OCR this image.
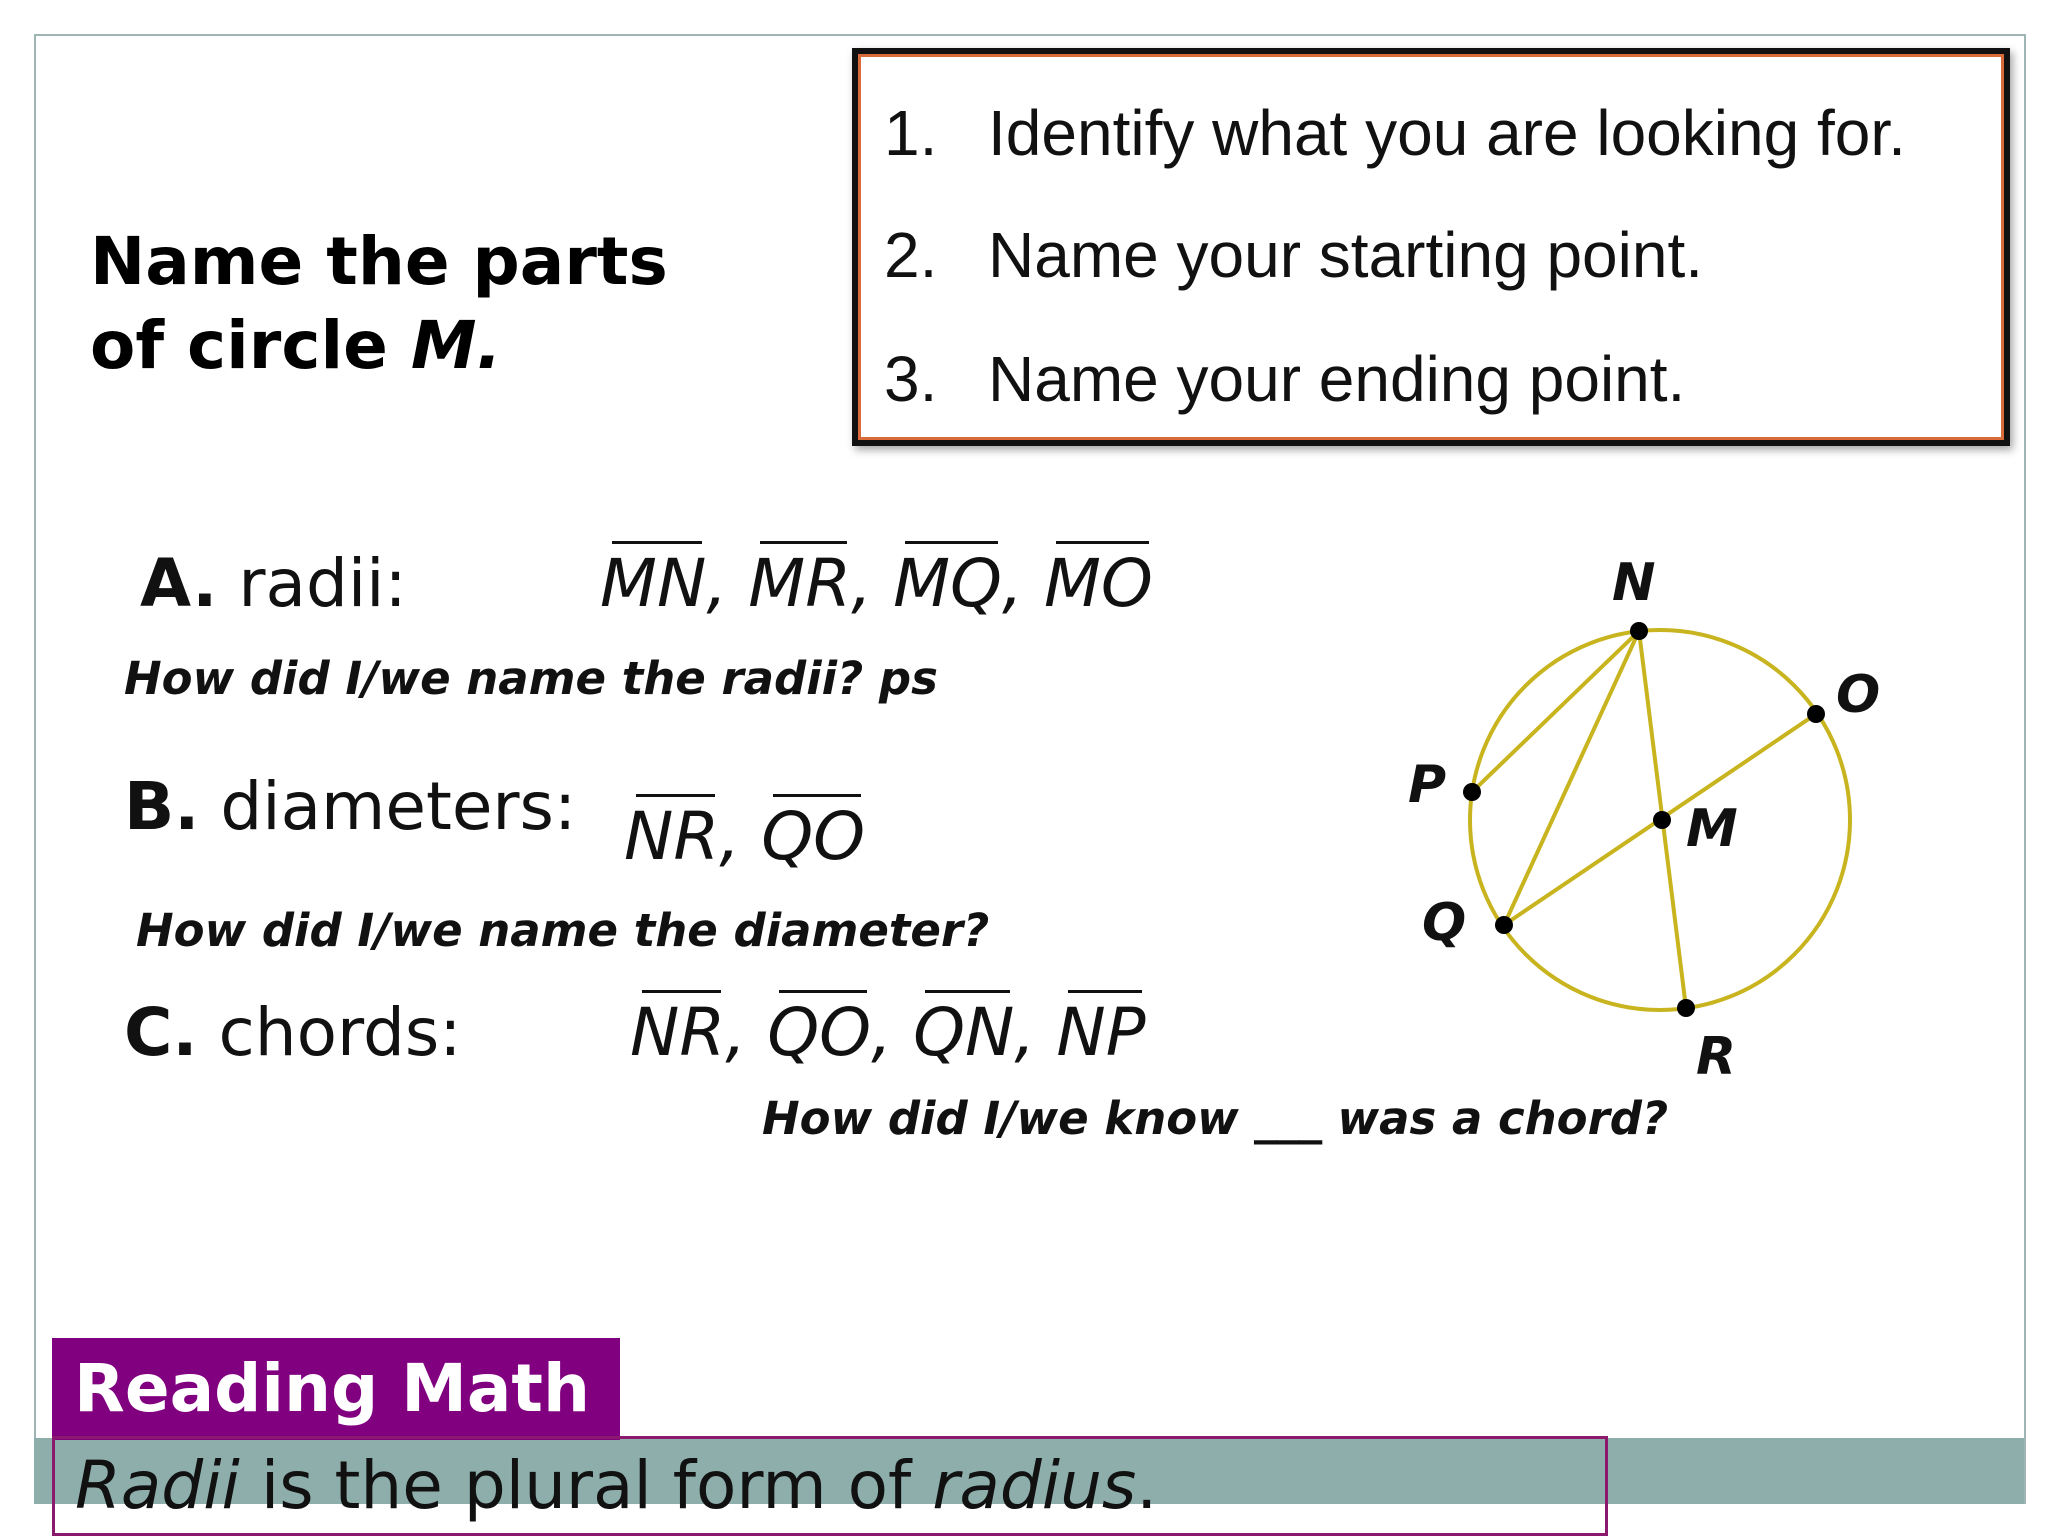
Name the parts
of circle M.
1. Identify what you are looking for.
2. Name your starting point.
3. Name your ending point.
A. radii:	MN, MR, MQ, MO
How did I/we name the radii? ps
B. diameters: NR, QO
How did I/we name the diameter?
C. chords:	NR, QO, QN, NP
How did I/we know ___ was a chord?
N
O
P
M
Q
R
Reading Math
Radii is the plural form of radius.
